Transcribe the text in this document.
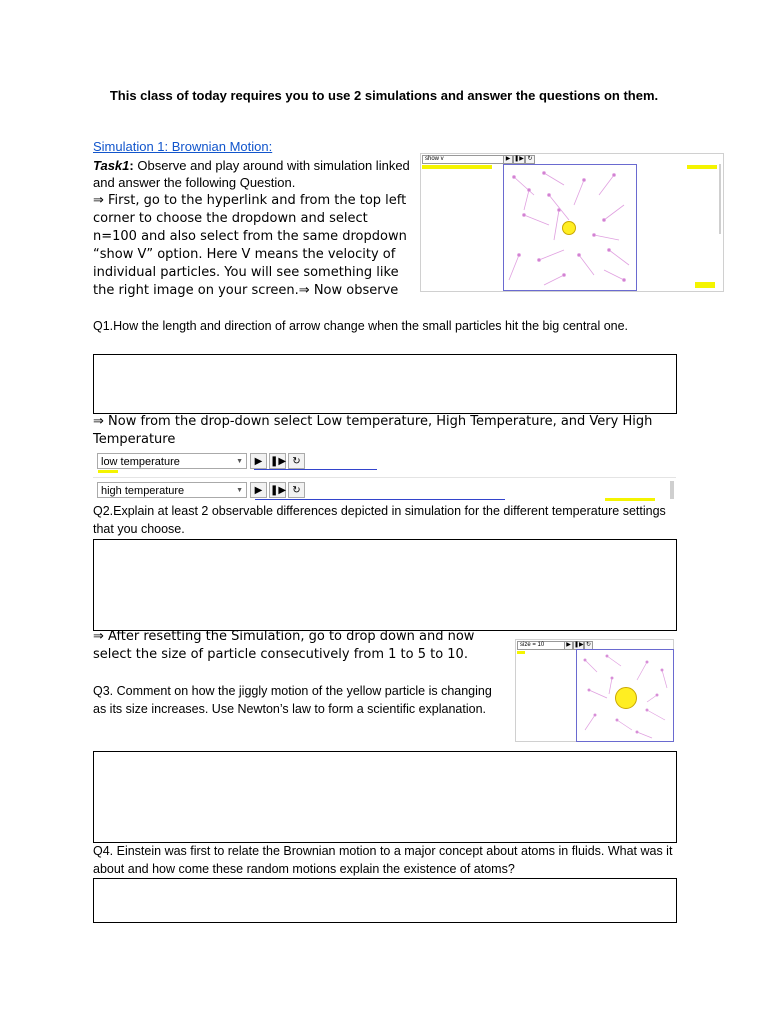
This class of today requires you to use 2 simulations and answer the questions on them.
Simulation 1: Brownian Motion:
Task1: Observe and play around with simulation linked and answer the following Question.
⇒ First, go to the hyperlink and from the top left corner to choose the dropdown and select n=100 and also select from the same dropdown “show V” option. Here V means the velocity of individual particles. You will see something like the right image on your screen.⇒ Now observe
show v	▶ ❚▶ ↻
Q1.How the length and direction of arrow change when the small particles hit the big central one.
⇒ Now from the drop-down select Low temperature, High Temperature, and Very High Temperature
low temperature	▼	▶ ❚▶ ↻
high temperature	▼	▶ ❚▶ ↻
Q2.Explain at least 2 observable differences depicted in simulation for the different temperature settings that you choose.
⇒ After resetting the Simulation, go to drop down and now select the size of particle consecutively from 1 to 5 to 10.
Q3. Comment on how the jiggly motion of the yellow particle is changing as its size increases. Use Newton’s law to form a scientific explanation.
size = 10	▶ ❚▶ ↻
Q4. Einstein was first to relate the Brownian motion to a major concept about atoms in fluids. What was it about and how come these random motions explain the existence of atoms?
